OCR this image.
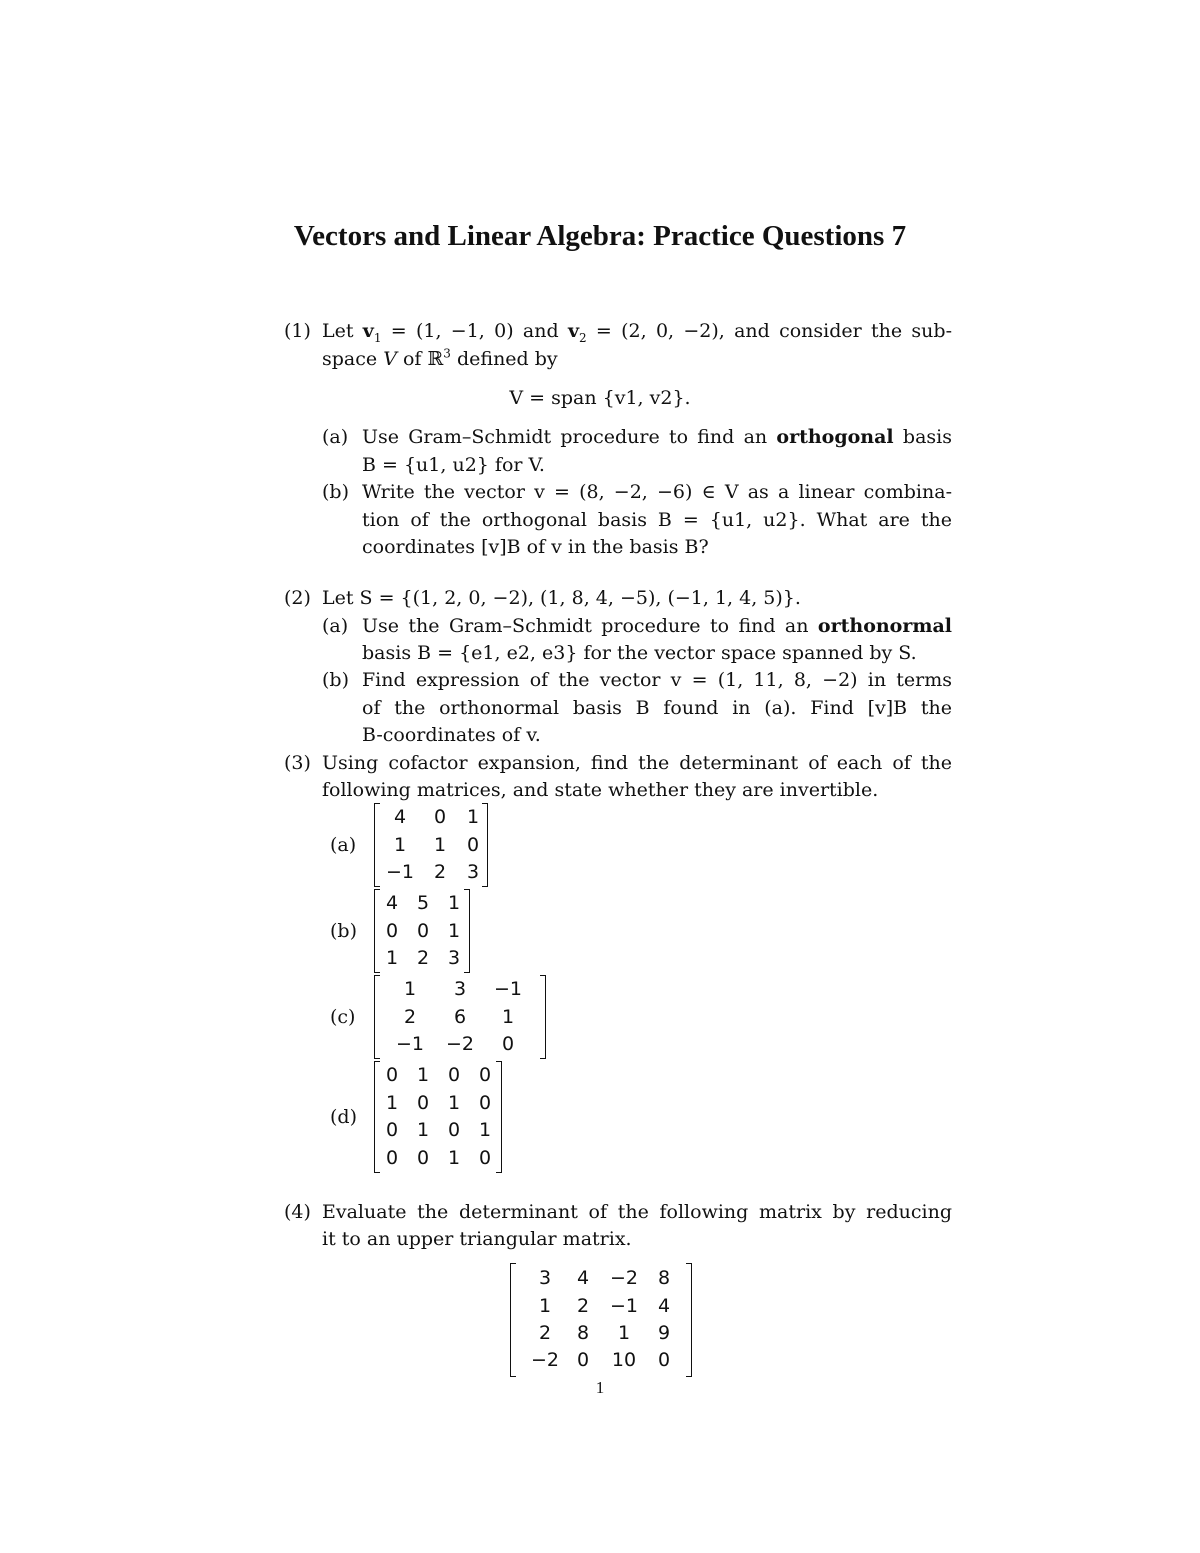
Vectors and Linear Algebra: Practice Questions 7
(1) Let $v_1 = (1$, −1, 0) and $v_2 = (2$, 0, −2), and consider the sub-
space V of ℝ$^3$ defined by
V = span {v1, v2}.
(a) Use Gram–Schmidt procedure to find an orthogonal basis
B = {u1, u2} for V.
(b) Write the vector v = (8, −2, −6) ∈ V as a linear combina-
tion of the orthogonal basis B = {u1, u2}. What are the
coordinates [v]B of v in the basis B?
(2) Let S = {(1, 2, 0, −2), (1, 8, 4, −5), (−1, 1, 4, 5)}.
(a) Use the Gram–Schmidt procedure to find an orthonormal
basis B = {e1, e2, e3} for the vector space spanned by S.
(b) Find expression of the vector v = (1, 11, 8, −2) in terms
of the orthonormal basis B found in (a). Find [v]B the
B-coordinates of v.
(3) Using cofactor expansion, find the determinant of each of the
following matrices, and state whether they are invertible.
(a)
4	0	1
1	1	0
−1	2	3
(b)
4 5 1
0 0 1
1 2 3
(c)
1	3	−1
2	6	1
−1 −2	0
(d)
0 1 0 0
1 0 1 0
0 1 0 1
0 0 1 0
(4) Evaluate the determinant of the following matrix by reducing
it to an upper triangular matrix.
3	4	−2	8
1	2	−1	4
2	8	1	9
−2 0	10	0
1
